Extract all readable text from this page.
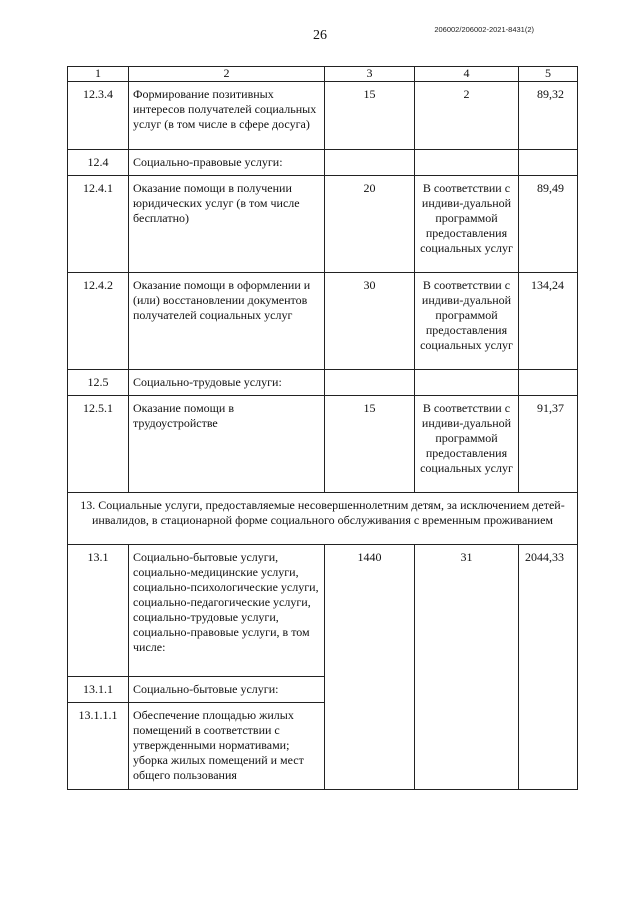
26	206002/206002-2021-8431(2)
1	2	3	4	5
12.3.4	Формирование позитивных интересов получателей социальных услуг (в том числе в сфере досуга)	15	2	89,32
12.4	Социально-правовые услуги:			
12.4.1	Оказание помощи в получении юридических услуг (в том числе бесплатно)	20	В соответствии с индиви-дуальной программой предоставления социальных услуг	89,49
12.4.2	Оказание помощи в оформлении и (или) восстановлении документов получателей социальных услуг	30	В соответствии с индиви-дуальной программой предоставления социальных услуг	134,24
12.5	Социально-трудовые услуги:			
12.5.1	Оказание помощи в трудоустройстве	15	В соответствии с индиви-дуальной программой предоставления социальных услуг	91,37
13. Социальные услуги, предоставляемые несовершеннолетним детям, за исключением детей-инвалидов, в стационарной форме социального обслуживания с временным проживанием				
13.1	Социально-бытовые услуги, социально-медицинские услуги, социально-психологические услуги, социально-педагогические услуги, социально-трудовые услуги, социально-правовые услуги, в том числе:	1440	31	2044,33
13.1.1	Социально-бытовые услуги:			
13.1.1.1	Обеспечение площадью жилых помещений в соответствии с утвержденными нормативами; уборка жилых помещений и мест общего пользования			
